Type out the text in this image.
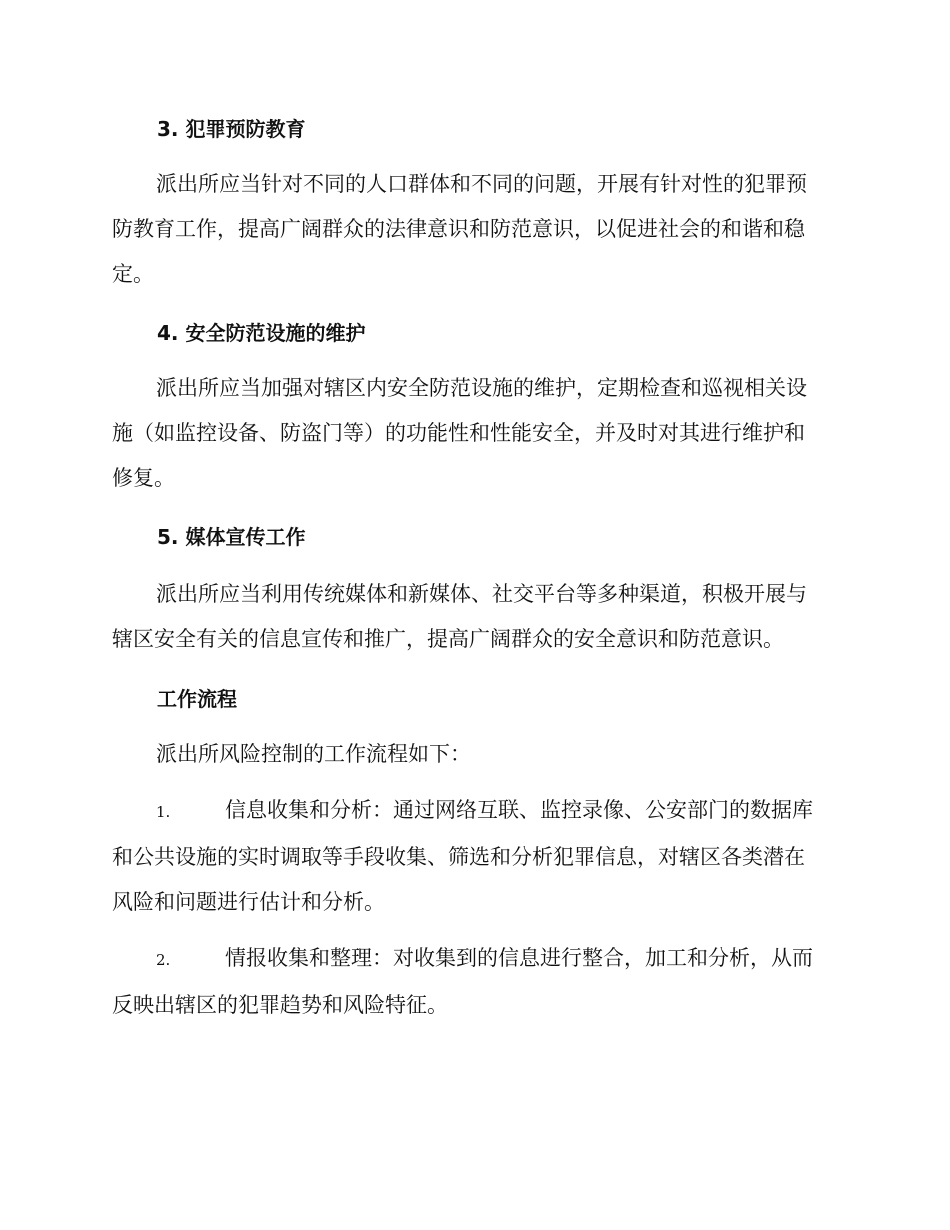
3. 犯罪预防教育
派出所应当针对不同的人口群体和不同的问题，开展有针对性的犯罪预
防教育工作，提高广阔群众的法律意识和防范意识，以促进社会的和谐和稳
定。
4. 安全防范设施的维护
派出所应当加强对辖区内安全防范设施的维护，定期检查和巡视相关设
施（如监控设备、防盗门等）的功能性和性能安全，并及时对其进行维护和
修复。
5. 媒体宣传工作
派出所应当利用传统媒体和新媒体、社交平台等多种渠道，积极开展与
辖区安全有关的信息宣传和推广，提高广阔群众的安全意识和防范意识。
工作流程
派出所风险控制的工作流程如下：
1.	信息收集和分析：通过网络互联、监控录像、公安部门的数据库
和公共设施的实时调取等手段收集、筛选和分析犯罪信息，对辖区各类潜在
风险和问题进行估计和分析。
2.	情报收集和整理：对收集到的信息进行整合，加工和分析，从而
反映出辖区的犯罪趋势和风险特征。
